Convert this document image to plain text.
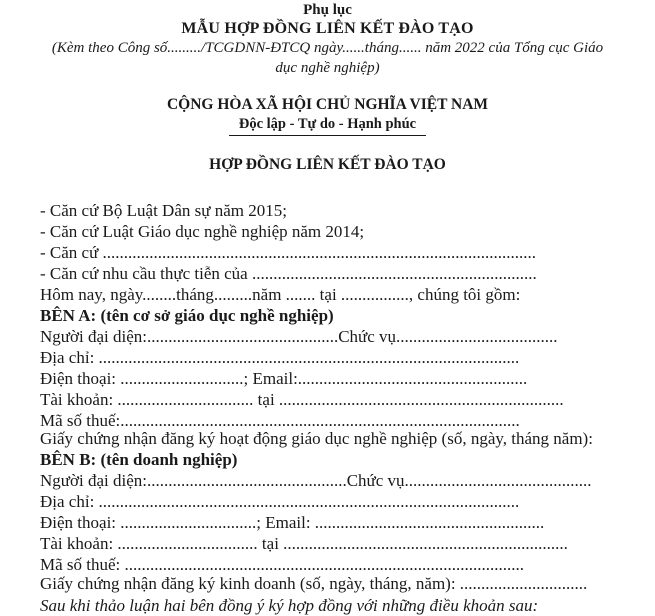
Phụ lục
MẪU HỢP ĐỒNG LIÊN KẾT ĐÀO TẠO
(Kèm theo Công số........./TCGDNN-ĐTCQ ngày......tháng...... năm 2022 của Tổng cục Giáo
dục nghề nghiệp)
CỘNG HÒA XÃ HỘI CHỦ NGHĨA VIỆT NAM
Độc lập - Tự do - Hạnh phúc
HỢP ĐỒNG LIÊN KẾT ĐÀO TẠO
- Căn cứ Bộ Luật Dân sự năm 2015;
- Căn cứ Luật Giáo dục nghề nghiệp năm 2014;
- Căn cứ ......................................................................................................
- Căn cứ nhu cầu thực tiễn của ...................................................................
Hôm nay, ngày........tháng.........năm ....... tại ................, chúng tôi gồm:
BÊN A: (tên cơ sở giáo dục nghề nghiệp)
Người đại diện:.............................................Chức vụ......................................
Địa chỉ: ...................................................................................................
Điện thoại: .............................; Email:......................................................
Tài khoản: ................................ tại ...................................................................
Mã số thuế:..............................................................................................
Giấy chứng nhận đăng ký hoạt động giáo dục nghề nghiệp (số, ngày, tháng năm):
BÊN B: (tên doanh nghiệp)
Người đại diện:...............................................Chức vụ............................................
Địa chỉ: ...................................................................................................
Điện thoại: ................................; Email: ......................................................
Tài khoản: ................................. tại ...................................................................
Mã số thuế: ..............................................................................................
Giấy chứng nhận đăng ký kinh doanh (số, ngày, tháng, năm): ..............................
Sau khi thảo luận hai bên đồng ý ký hợp đồng với những điều khoản sau:
